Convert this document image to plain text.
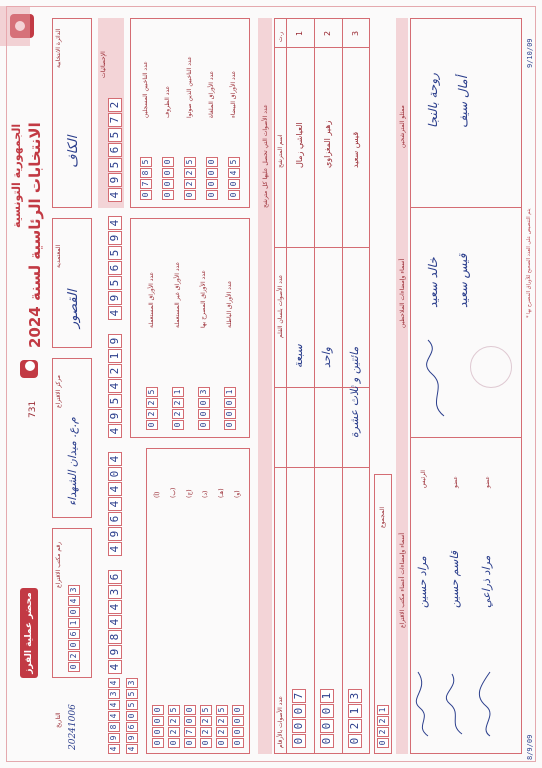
الجمهورية التونسية
الانتخابات الرئاسية لسنة 2024
731
محضر عملية الفرز
الدائرة الانتخابية
الكاف
المعتمدية
القصور
مركز الاقتراع
م.ع. ميدان الشهداء
رقم مكتب الاقتراع
0
2
0
6
1
0
4
3
التاريخ 20241006
الإحصائيات
4
9
5
6
5
7
2
4
9
5
6
5
9
4
4
9
5
4
2
1
9
4
9
6
4
4
0
4
4
9
8
4
4
3
6
4
9
8
4
4
3
4
4
9
6
0
5
5
3
عدد الناخبين المسجلين
0
7
8
5
عدد الظروف
0
0
0
0
عدد الناخبين الذين صوتوا
0
2
2
5
عدد الأوراق الملغاة
0
0
0
0
عدد الأوراق البيضاء
0
0
4
5
عدد الأوراق المستعملة
0
2
2
5
عدد الأوراق غير المستعملة
0
2
2
1
عدد الأوراق المصرح بها
0
0
0
3
عدد الأوراق الباطلة
0
0
0
1
(أ)
0
0
0
0
(ب)
0
2
2
5
(ج)
0
7
0
0
(د)
0
2
2
5
(هـ)
0
2
2
5
(و)
0
0
0
0
عدد الأصوات التي تحصل عليها كل مترشح
ر.ت
اسم المترشح
عدد الأصوات بلسان القلم
عدد الأصوات بالأرقام
1
العياشي زمال
سبعة
0
0
0
7
2
زهير المغزاوي
واحد
0
0
0
1
3
قيس سعيد
مائتين و ثلاث عشرة
0
2
1
3
المجموع
0
2
2
1
أسماء وإمضاءات أعضاء مكتب الاقتراع
أسماء وإمضاءات الملاحظين
ممثلو المترشحين
الرئيس
مراد حسين
عضو
قاسم حسين
عضو
مراد ذراعي
خالد سعيد قيس سعيد
روحة بالنجا أمال سيف
* يتم التنصيص على العدد الصحيح للأوراق المصرح بها
8/9/09
9/10/09
